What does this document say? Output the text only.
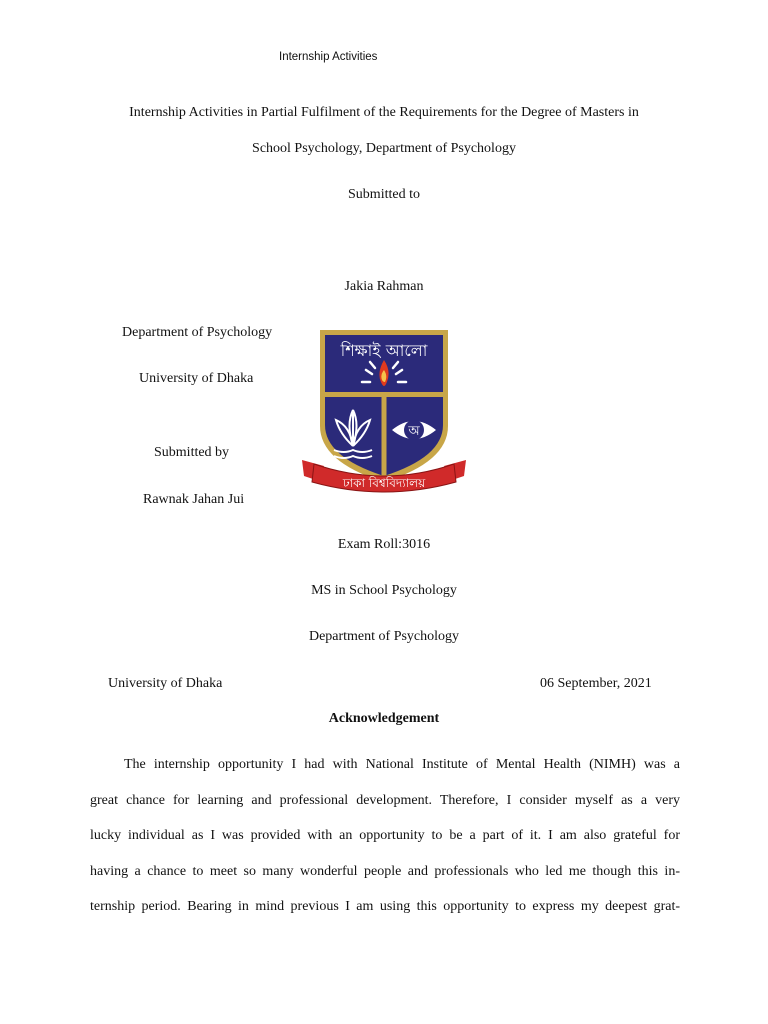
Internship Activities
Internship Activities in Partial Fulfilment of the Requirements for the Degree of Masters in
School Psychology, Department of Psychology
Submitted to
Jakia Rahman
Department of Psychology
University of Dhaka
Submitted by
Rawnak Jahan Jui
শিক্ষাই আলো
অ
ঢাকা বিশ্ববিদ্যালয়
Exam Roll:3016
MS in School Psychology
Department of Psychology
University of Dhaka	06 September, 2021
Acknowledgement
The internship opportunity I had with National Institute of Mental Health (NIMH) was a
great chance for learning and professional development. Therefore, I consider myself as a very
lucky individual as I was provided with an opportunity to be a part of it. I am also grateful for
having a chance to meet so many wonderful people and professionals who led me though this in-
ternship period. Bearing in mind previous I am using this opportunity to express my deepest grat-
